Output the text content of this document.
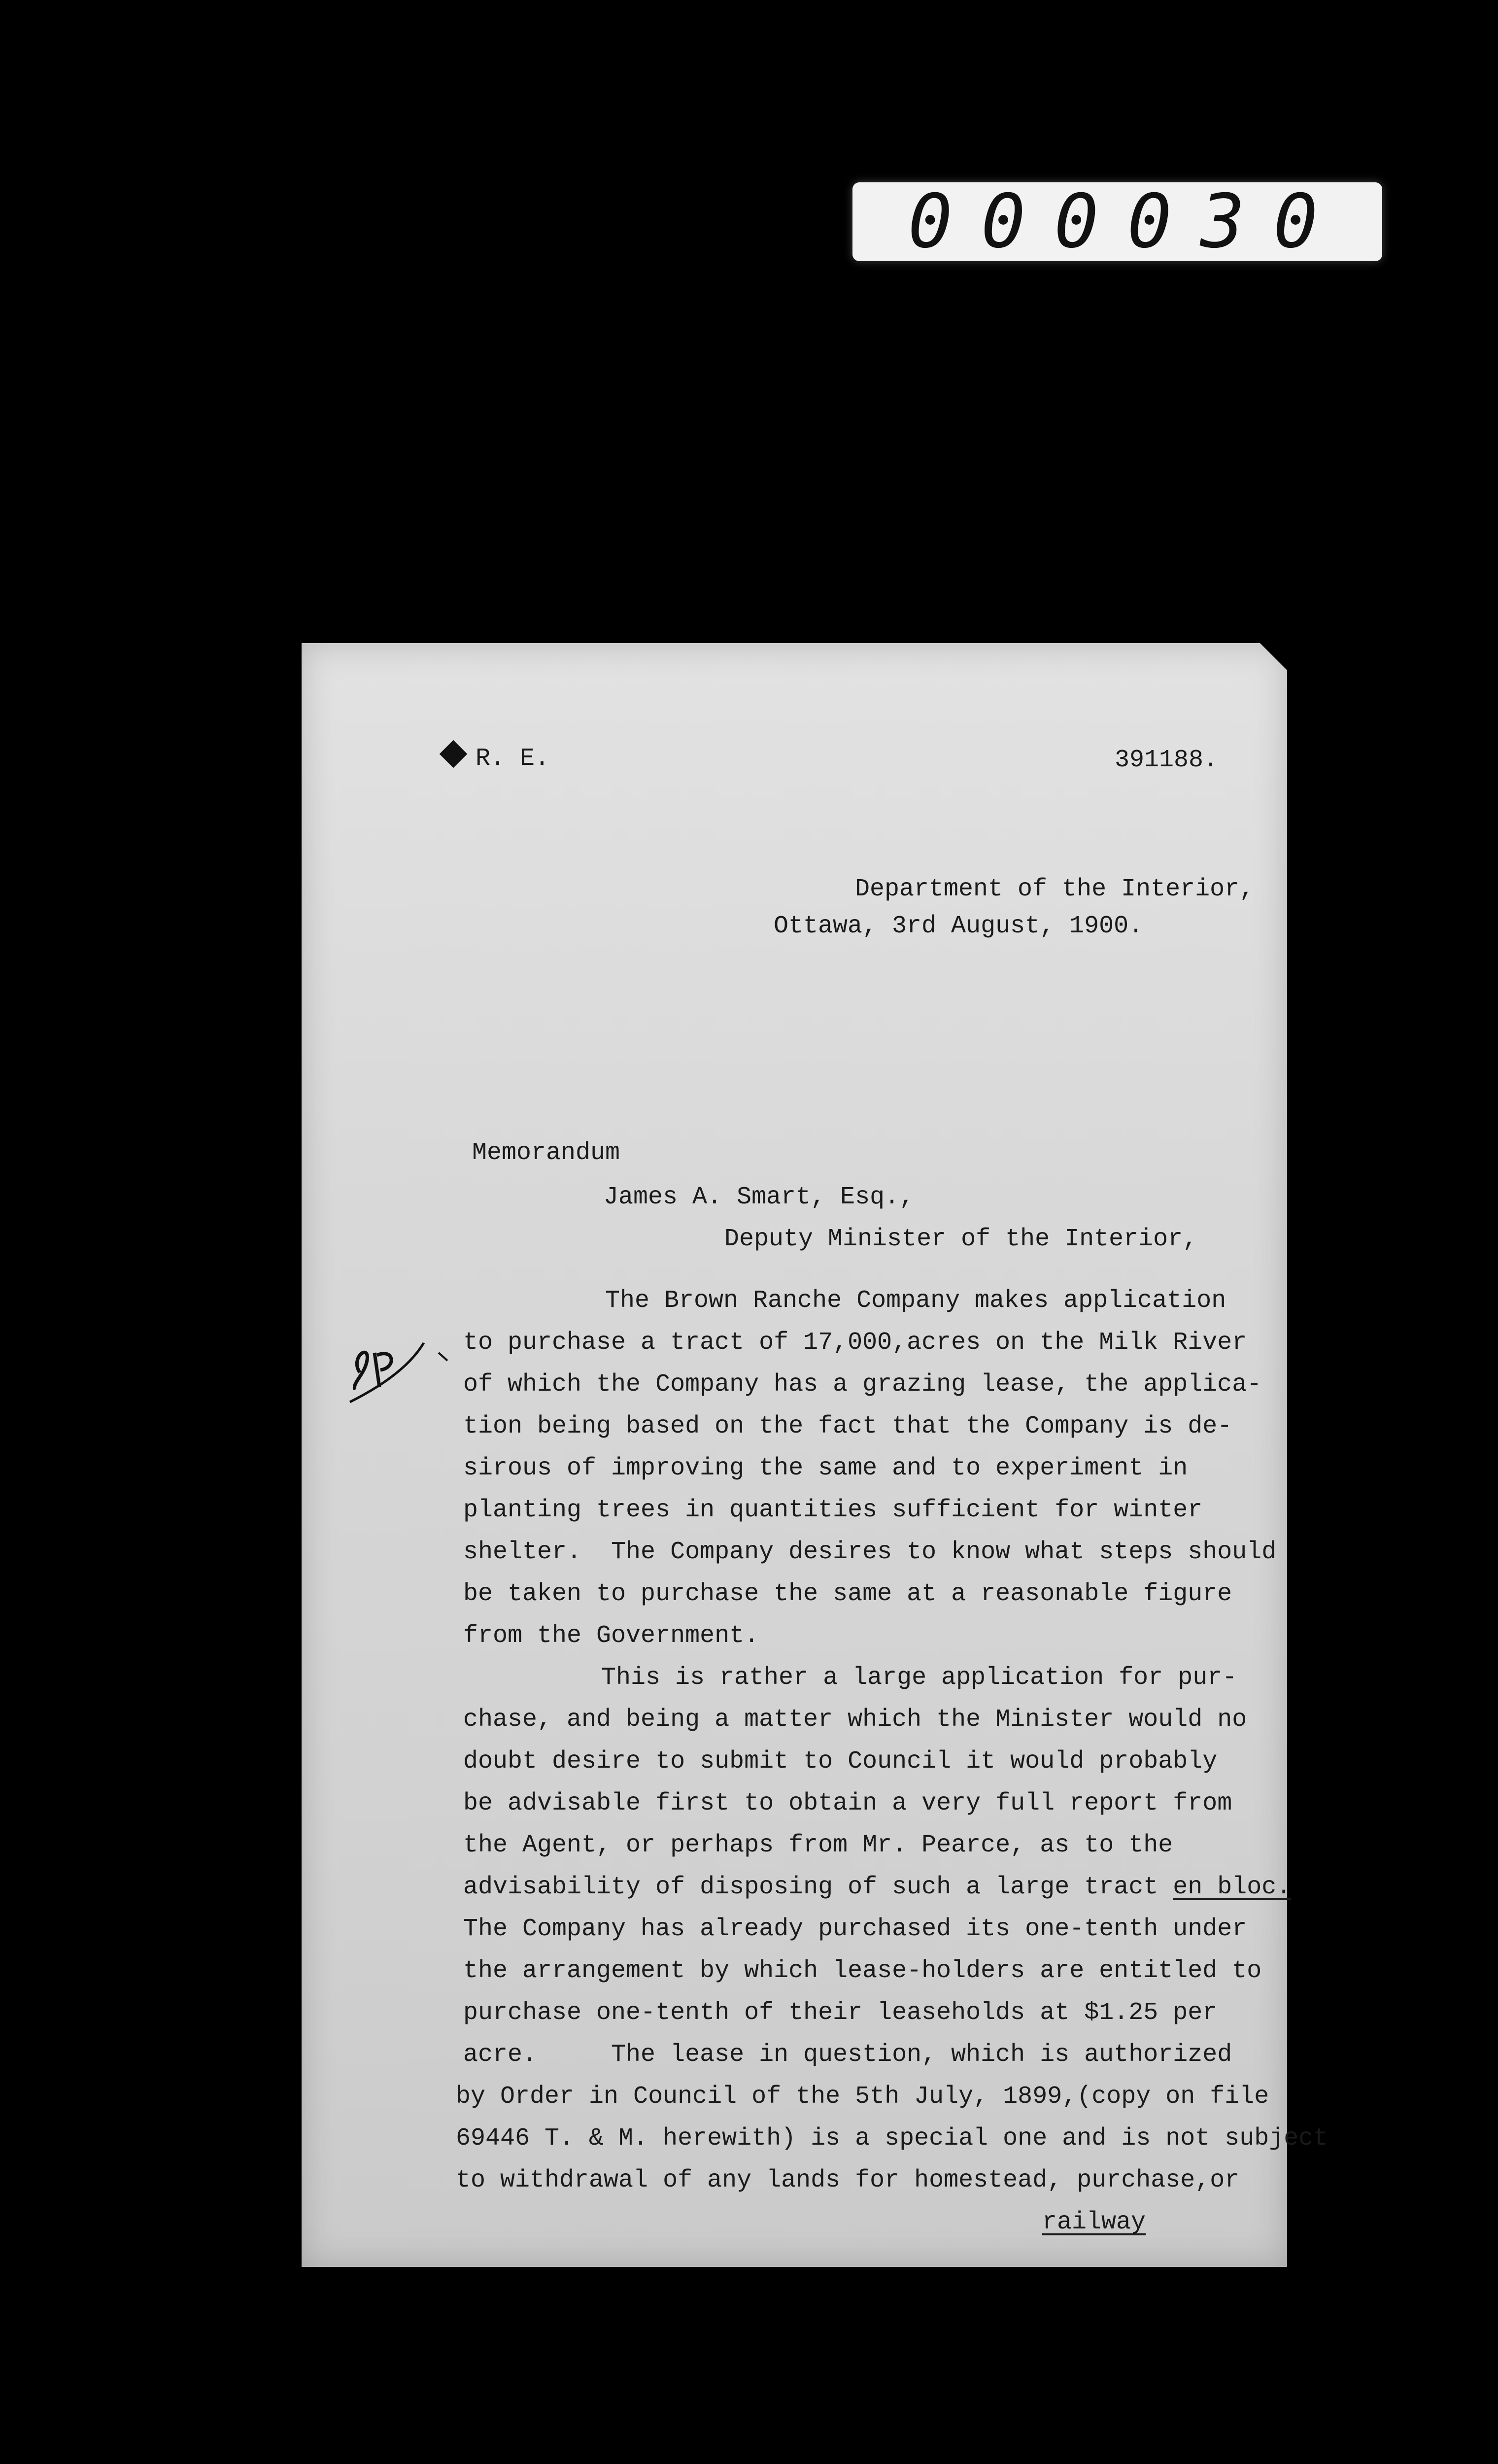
000030
R. E.	391188.
Department of the Interior,
Ottawa, 3rd August, 1900.
Memorandum
James A. Smart, Esq.,
Deputy Minister of the Interior,
The Brown Ranche Company makes application
to purchase a tract of 17,000,acres on the Milk River
of which the Company has a grazing lease, the applica-
tion being based on the fact that the Company is de-
sirous of improving the same and to experiment in
planting trees in quantities sufficient for winter
shelter.  The Company desires to know what steps should
be taken to purchase the same at a reasonable figure
from the Government.
This is rather a large application for pur-
chase, and being a matter which the Minister would no
doubt desire to submit to Council it would probably
be advisable first to obtain a very full report from
the Agent, or perhaps from Mr. Pearce, as to the
advisability of disposing of such a large tract en bloc.
The Company has already purchased its one-tenth under
the arrangement by which lease-holders are entitled to
purchase one-tenth of their leaseholds at $1.25 per
acre.     The lease in question, which is authorized
by Order in Council of the 5th July, 1899,(copy on file
69446 T. & M. herewith) is a special one and is not subject
to withdrawal of any lands for homestead, purchase,or
railway
